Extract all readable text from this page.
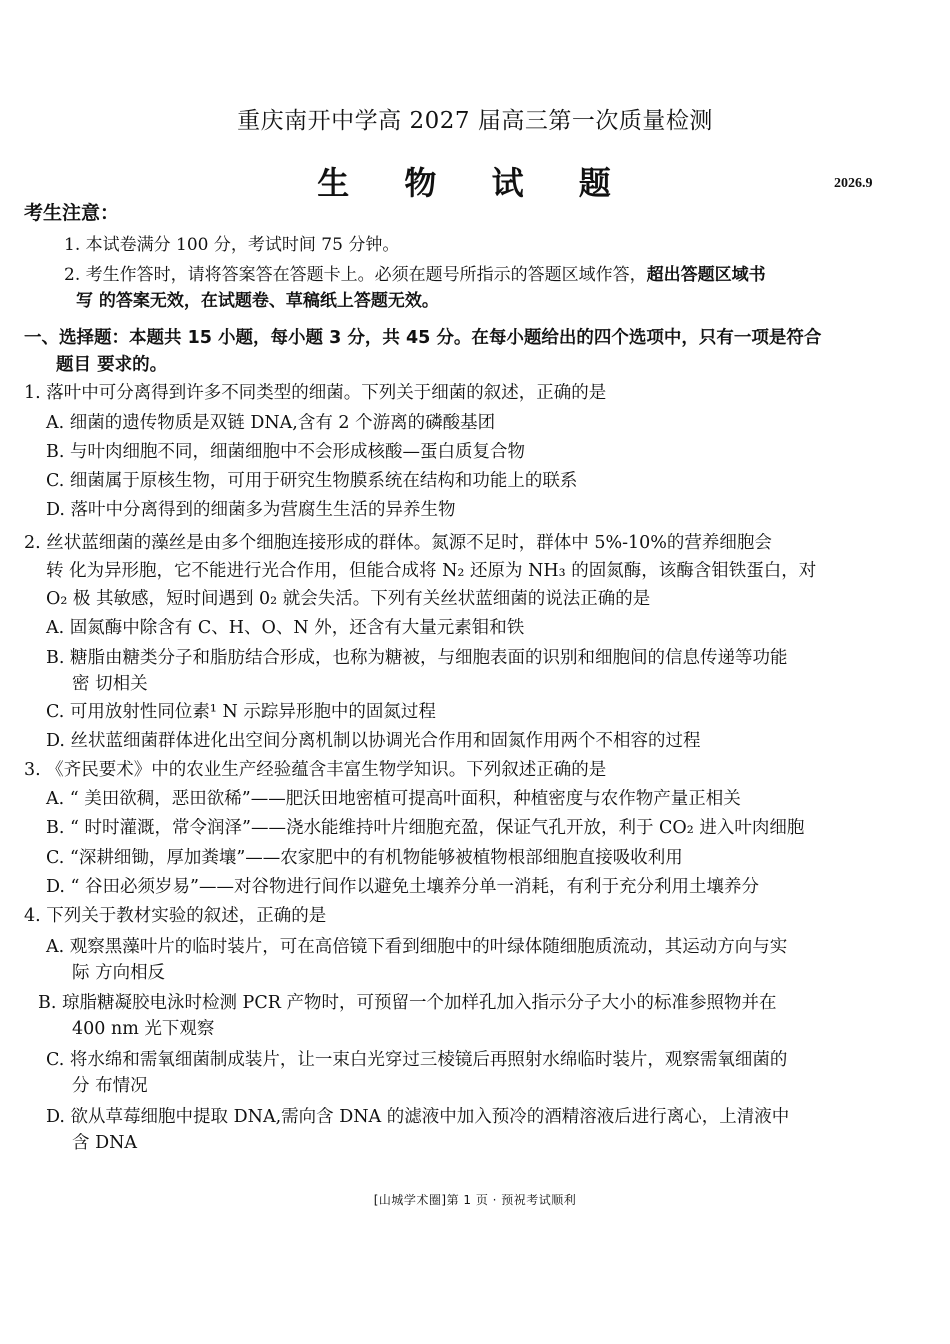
重庆南开中学高 2027 届高三第一次质量检测
生 物 试 题	2026.9
考生注意：
1. 本试卷满分 100 分，考试时间 75 分钟。
2. 考生作答时，请将答案答在答题卡上。必须在题号所指示的答题区域作答，超出答题区域书
写 的答案无效，在试题卷、草稿纸上答题无效。
一、选择题：本题共 15 小题，每小题 3 分，共 45 分。在每小题给出的四个选项中，只有一项是符合
题目 要求的。
1. 落叶中可分离得到许多不同类型的细菌。下列关于细菌的叙述，正确的是
A. 细菌的遗传物质是双链 DNA,含有 2 个游离的磷酸基团
B. 与叶肉细胞不同，细菌细胞中不会形成核酸—蛋白质复合物
C. 细菌属于原核生物，可用于研究生物膜系统在结构和功能上的联系
D. 落叶中分离得到的细菌多为营腐生生活的异养生物
2. 丝状蓝细菌的藻丝是由多个细胞连接形成的群体。氮源不足时，群体中 5%-10%的营养细胞会
转 化为异形胞，它不能进行光合作用，但能合成将 N₂ 还原为 NH₃ 的固氮酶，该酶含钼铁蛋白，对
O₂ 极 其敏感，短时间遇到 0₂ 就会失活。下列有关丝状蓝细菌的说法正确的是
A. 固氮酶中除含有 C、H、O、N 外，还含有大量元素钼和铁
B. 糖脂由糖类分子和脂肪结合形成，也称为糖被，与细胞表面的识别和细胞间的信息传递等功能
密 切相关
C. 可用放射性同位素¹ N 示踪异形胞中的固氮过程
D. 丝状蓝细菌群体进化出空间分离机制以协调光合作用和固氮作用两个不相容的过程
3. 《齐民要术》中的农业生产经验蕴含丰富生物学知识。下列叙述正确的是
A. “ 美田欲稠，恶田欲稀”——肥沃田地密植可提高叶面积，种植密度与农作物产量正相关
B. “ 时时灌溉，常令润泽”——浇水能维持叶片细胞充盈，保证气孔开放，利于 CO₂ 进入叶肉细胞
C. “深耕细锄，厚加粪壤”——农家肥中的有机物能够被植物根部细胞直接吸收利用
D. “ 谷田必须岁易”——对谷物进行间作以避免土壤养分单一消耗，有利于充分利用土壤养分
4. 下列关于教材实验的叙述，正确的是
A. 观察黑藻叶片的临时装片，可在高倍镜下看到细胞中的叶绿体随细胞质流动，其运动方向与实
际 方向相反
B. 琼脂糖凝胶电泳时检测 PCR 产物时，可预留一个加样孔加入指示分子大小的标准参照物并在
400 nm 光下观察
C. 将水绵和需氧细菌制成装片，让一束白光穿过三棱镜后再照射水绵临时装片，观察需氧细菌的
分 布情况
D. 欲从草莓细胞中提取 DNA,需向含 DNA 的滤液中加入预冷的酒精溶液后进行离心，上清液中
含 DNA
[山城学术圈]第 1 页 · 预祝考试顺利
